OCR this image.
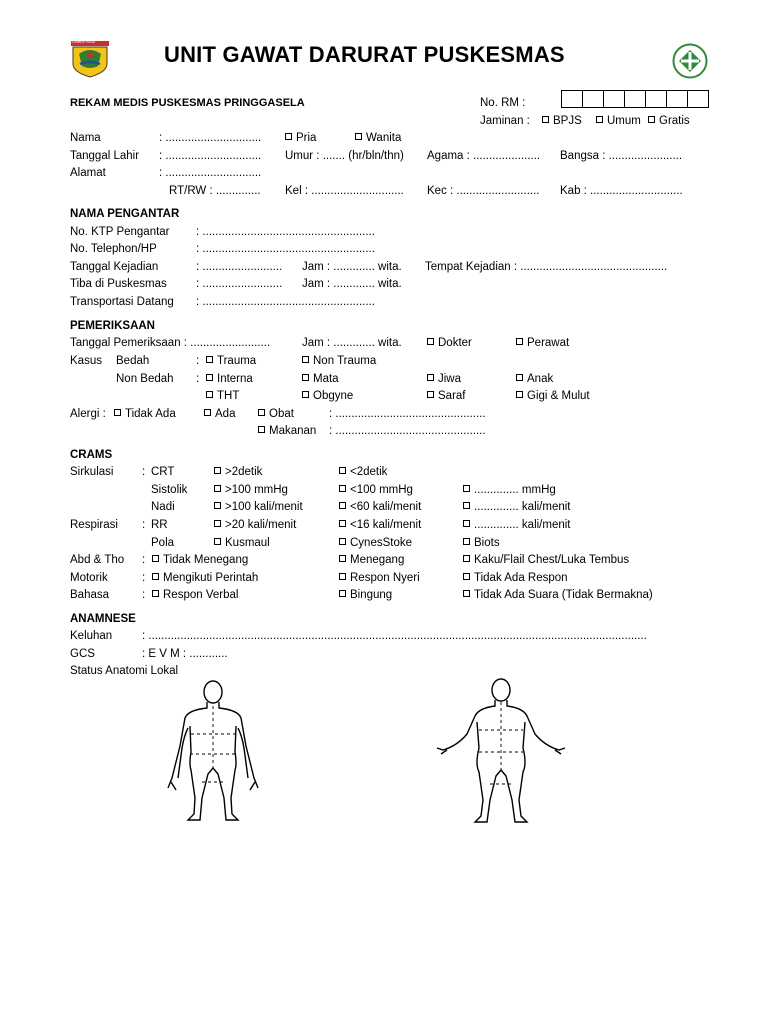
LOMBOK TIMUR	UNIT GAWAT DARURAT PUSKESMAS
REKAM MEDIS PUSKESMAS PRINGGASELA	No. RM :
Jaminan :	BPJS	Umum	Gratis
Nama	: ..............................	Pria	Wanita
Tanggal Lahir : .............................. Umur : ....... (hr/bln/thn) Agama : ..................... Bangsa : .......................
Alamat	: ..............................
RT/RW : .............. Kel : ............................. Kec : .......................... Kab : .............................
NAMA PENGANTAR
No. KTP Pengantar : ......................................................
No. Telephon/HP	: ......................................................
Tanggal Kejadian	: ......................... Jam : ............. wita. Tempat Kejadian : ..............................................
Tiba di Puskesmas	: ......................... Jam : ............. wita.
Transportasi Datang : ......................................................
PEMERIKSAAN
Tanggal Pemeriksaan : .........................	Jam : ............. wita.	Dokter	Perawat
Kasus Bedah	:	Trauma	Non Trauma
Non Bedah :	Interna	Mata	Jiwa	Anak
THT	Obgyne	Saraf	Gigi & Mulut
Alergi :	Tidak Ada	Ada	Obat	: ...............................................
Makanan : ...............................................
CRAMS
Sirkulasi : CRT	>2detik	<2detik
Sistolik	>100 mmHg	<100 mmHg	.............. mmHg
Nadi	>100 kali/menit	<60 kali/menit	.............. kali/menit
Respirasi : RR	>20 kali/menit	<16 kali/menit	.............. kali/menit
Pola	Kusmaul	CynesStoke	Biots
Abd & Tho :	Tidak Menegang	Menegang	Kaku/Flail Chest/Luka Tembus
Motorik	:	Mengikuti Perintah	Respon Nyeri	Tidak Ada Respon
Bahasa	:	Respon Verbal	Bingung	Tidak Ada Suara (Tidak Bermakna)
ANAMNESE
Keluhan	: ............................................................................................................................................................
GCS	: E V M : ............
Status Anatomi Lokal
